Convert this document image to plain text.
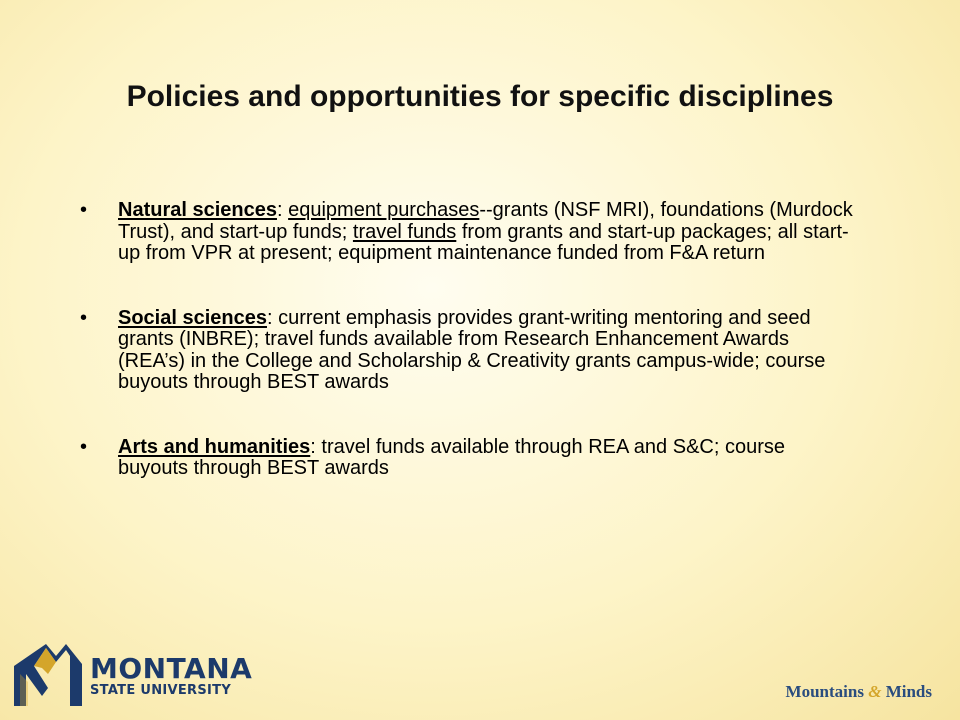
Policies and opportunities for specific disciplines
• Natural sciences: equipment purchases--grants (NSF MRI), foundations (Murdock Trust), and start-up funds; travel funds from grants and start-up packages; all start-up from VPR at present; equipment maintenance funded from F&A return
• Social sciences: current emphasis provides grant-writing mentoring and seed grants (INBRE); travel funds available from Research Enhancement Awards (REA’s) in the College and Scholarship & Creativity grants campus-wide; course buyouts through BEST awards
• Arts and humanities: travel funds available through REA and S&C; course buyouts through BEST awards
MONTANA
STATE UNIVERSITY	Mountains & Minds
